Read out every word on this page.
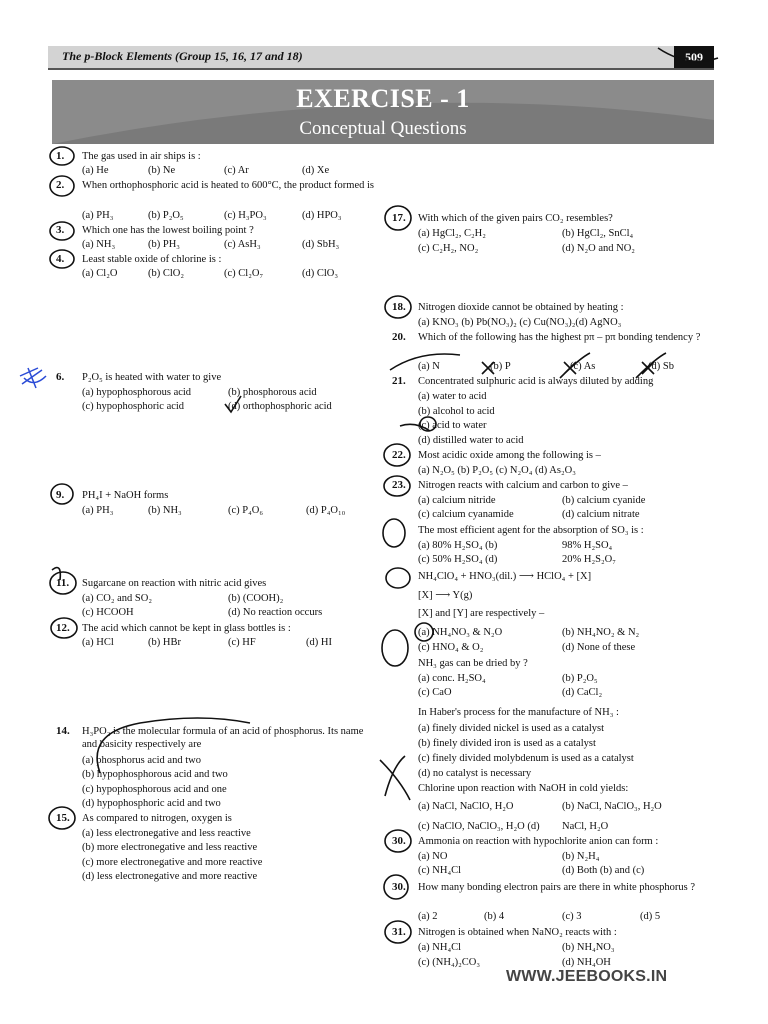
The p-Block Elements (Group 15, 16, 17 and 18)	509
EXERCISE - 1
Conceptual Questions
1. The gas used in air ships is :
(a) He	(b) Ne	(c) Ar	(d) Xe
2. When orthophosphoric acid is heated to 600°C, the product formed is
(a) PH₃	(b) P₂O₅	(c) H₃PO₃	(d) HPO₃
3. Which one has the lowest boiling point ?
(a) NH₃	(b) PH₃	(c) AsH₃	(d) SbH₃
4. Least stable oxide of chlorine is :
(a) Cl₂O	(b) ClO₂	(c) Cl₂O₇	(d) ClO₃
6. P₂O₅ is heated with water to give
(a) hypophosphorous acid	(b) phosphorous acid
(c) hypophosphoric acid	(d) orthophosphoric acid
9. PH₄I + NaOH forms
(a) PH₃	(b) NH₃	(c) P₄O₆	(d) P₄O₁₀
11. Sugarcane on reaction with nitric acid gives
(a) CO₂ and SO₂	(b) (COOH)₂
(c) HCOOH	(d) No reaction occurs
12. The acid which cannot be kept in glass bottles is :
(a) HCl	(b) HBr	(c) HF	(d) HI
14. H₃PO₂ is the molecular formula of an acid of phosphorus. Its name and basicity respectively are
(a) phosphorus acid and two
(b) hypophosphorous acid and two
(c) hypophosphorous acid and one
(d) hypophosphoric acid and two
15. As compared to nitrogen, oxygen is
(a) less electronegative and less reactive
(b) more electronegative and less reactive
(c) more electronegative and more reactive
(d) less electronegative and more reactive
17. With which of the given pairs CO₂ resembles?
(a) HgCl₂, C₂H₂	(b) HgCl₂, SnCl₄
(c) C₂H₂, NO₂	(d) N₂O and NO₂
18. Nitrogen dioxide cannot be obtained by heating :
(a) KNO₃ (b) Pb(NO₃)₂ (c) Cu(NO₃)₂(d) AgNO₃
20. Which of the following has the highest pπ – pπ bonding tendency ?
(a) N	(b) P	(c) As	(d) Sb
21. Concentrated sulphuric acid is always diluted by adding
(a) water to acid
(b) alcohol to acid
(c) acid to water
(d) distilled water to acid
22. Most acidic oxide among the following is –
(a) N₂O₅ (b) P₂O₅ (c) N₂O₄ (d) As₂O₃
23. Nitrogen reacts with calcium and carbon to give –
(a) calcium nitride	(b) calcium cyanide
(c) calcium cyanamide	(d) calcium nitrate
The most efficient agent for the absorption of SO₃ is :
(a) 80% H₂SO₄ (b)	98% H₂SO₄
(c) 50% H₂SO₄ (d)	20% H₂S₂O₇
NH₄ClO₄ + HNO₃(dil.) ⟶ HClO₄ + [X]
[X] ⟶ Y(g)
[X] and [Y] are respectively –
(a) NH₄NO₃ & N₂O	(b) NH₄NO₂ & N₂
(c) HNO₄ & O₂	(d) None of these
NH₃ gas can be dried by ?
(a) conc. H₂SO₄	(b) P₂O₅
(c) CaO	(d) CaCl₂
In Haber's process for the manufacture of NH₃ :
(a) finely divided nickel is used as a catalyst
(b) finely divided iron is used as a catalyst
(c) finely divided molybdenum is used as a catalyst
(d) no catalyst is necessary
Chlorine upon reaction with NaOH in cold yields:
(a) NaCl, NaClO, H₂O	(b) NaCl, NaClO₃, H₂O
(c) NaClO, NaClO₃, H₂O (d) NaCl, H₂O
30. Ammonia on reaction with hypochlorite anion can form :
(a) NO	(b) N₂H₄
(c) NH₄Cl	(d) Both (b) and (c)
30. How many bonding electron pairs are there in white phosphorus ?
(a) 2	(b) 4	(c) 3	(d) 5
31. Nitrogen is obtained when NaNO₂ reacts with :
(a) NH₄Cl	(b) NH₄NO₃
(c) (NH₄)₂CO₃	(d) NH₄OH
WWW.JEEBOOKS.IN
